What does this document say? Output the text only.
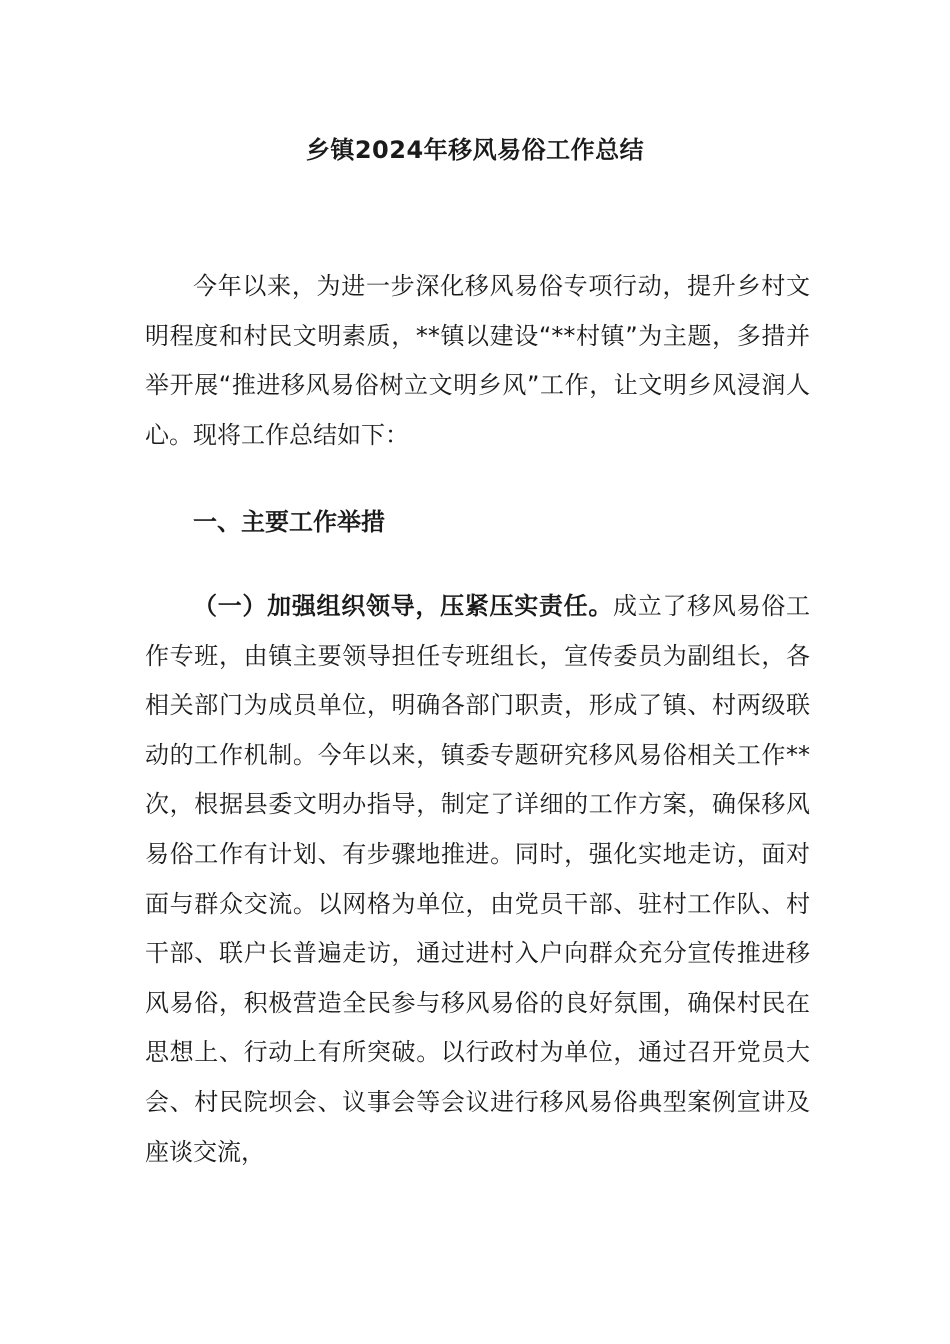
乡镇2024年移风易俗工作总结
今年以来，为进一步深化移风易俗专项行动，提升乡村文明程度和村民文明素质，**镇以建设“**村镇”为主题，多措并举开展“推进移风易俗树立文明乡风”工作，让文明乡风浸润人心。现将工作总结如下：
一、主要工作举措
（一）加强组织领导，压紧压实责任。成立了移风易俗工作专班，由镇主要领导担任专班组长，宣传委员为副组长，各相关部门为成员单位，明确各部门职责，形成了镇、村两级联动的工作机制。今年以来，镇委专题研究移风易俗相关工作**次，根据县委文明办指导，制定了详细的工作方案，确保移风易俗工作有计划、有步骤地推进。同时，强化实地走访，面对面与群众交流。以网格为单位，由党员干部、驻村工作队、村干部、联户长普遍走访，通过进村入户向群众充分宣传推进移风易俗，积极营造全民参与移风易俗的良好氛围，确保村民在思想上、行动上有所突破。以行政村为单位，通过召开党员大会、村民院坝会、议事会等会议进行移风易俗典型案例宣讲及座谈交流，
